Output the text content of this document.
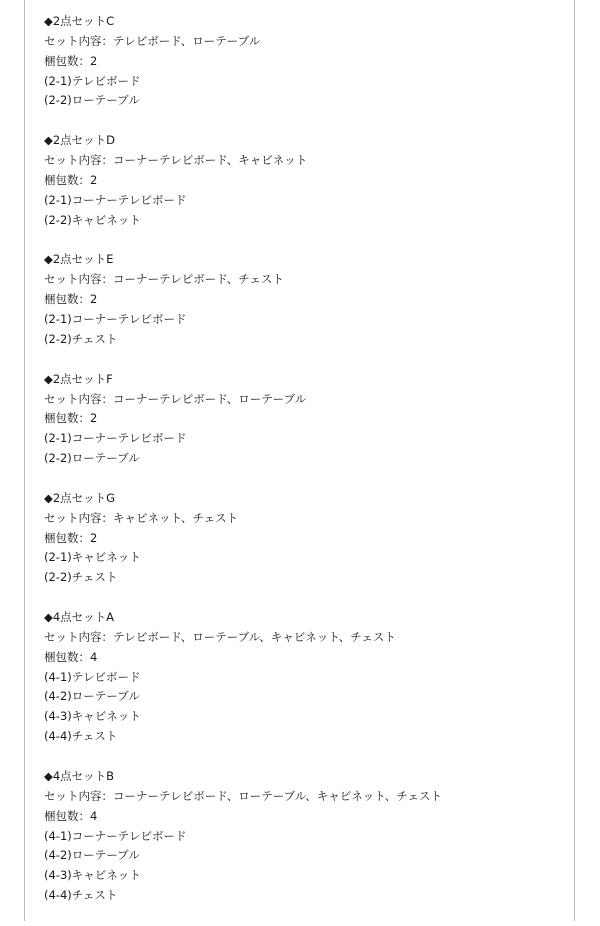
◆2点セットC
セット内容：テレビボード、ローテーブル
梱包数：2
(2-1)テレビボード
(2-2)ローテーブル
◆2点セットD
セット内容：コーナーテレビボード、キャビネット
梱包数：2
(2-1)コーナーテレビボード
(2-2)キャビネット
◆2点セットE
セット内容：コーナーテレビボード、チェスト
梱包数：2
(2-1)コーナーテレビボード
(2-2)チェスト
◆2点セットF
セット内容：コーナーテレビボード、ローテーブル
梱包数：2
(2-1)コーナーテレビボード
(2-2)ローテーブル
◆2点セットG
セット内容：キャビネット、チェスト
梱包数：2
(2-1)キャビネット
(2-2)チェスト
◆4点セットA
セット内容：テレビボード、ローテーブル、キャビネット、チェスト
梱包数：4
(4-1)テレビボード
(4-2)ローテーブル
(4-3)キャビネット
(4-4)チェスト
◆4点セットB
セット内容：コーナーテレビボード、ローテーブル、キャビネット、チェスト
梱包数：4
(4-1)コーナーテレビボード
(4-2)ローテーブル
(4-3)キャビネット
(4-4)チェスト
